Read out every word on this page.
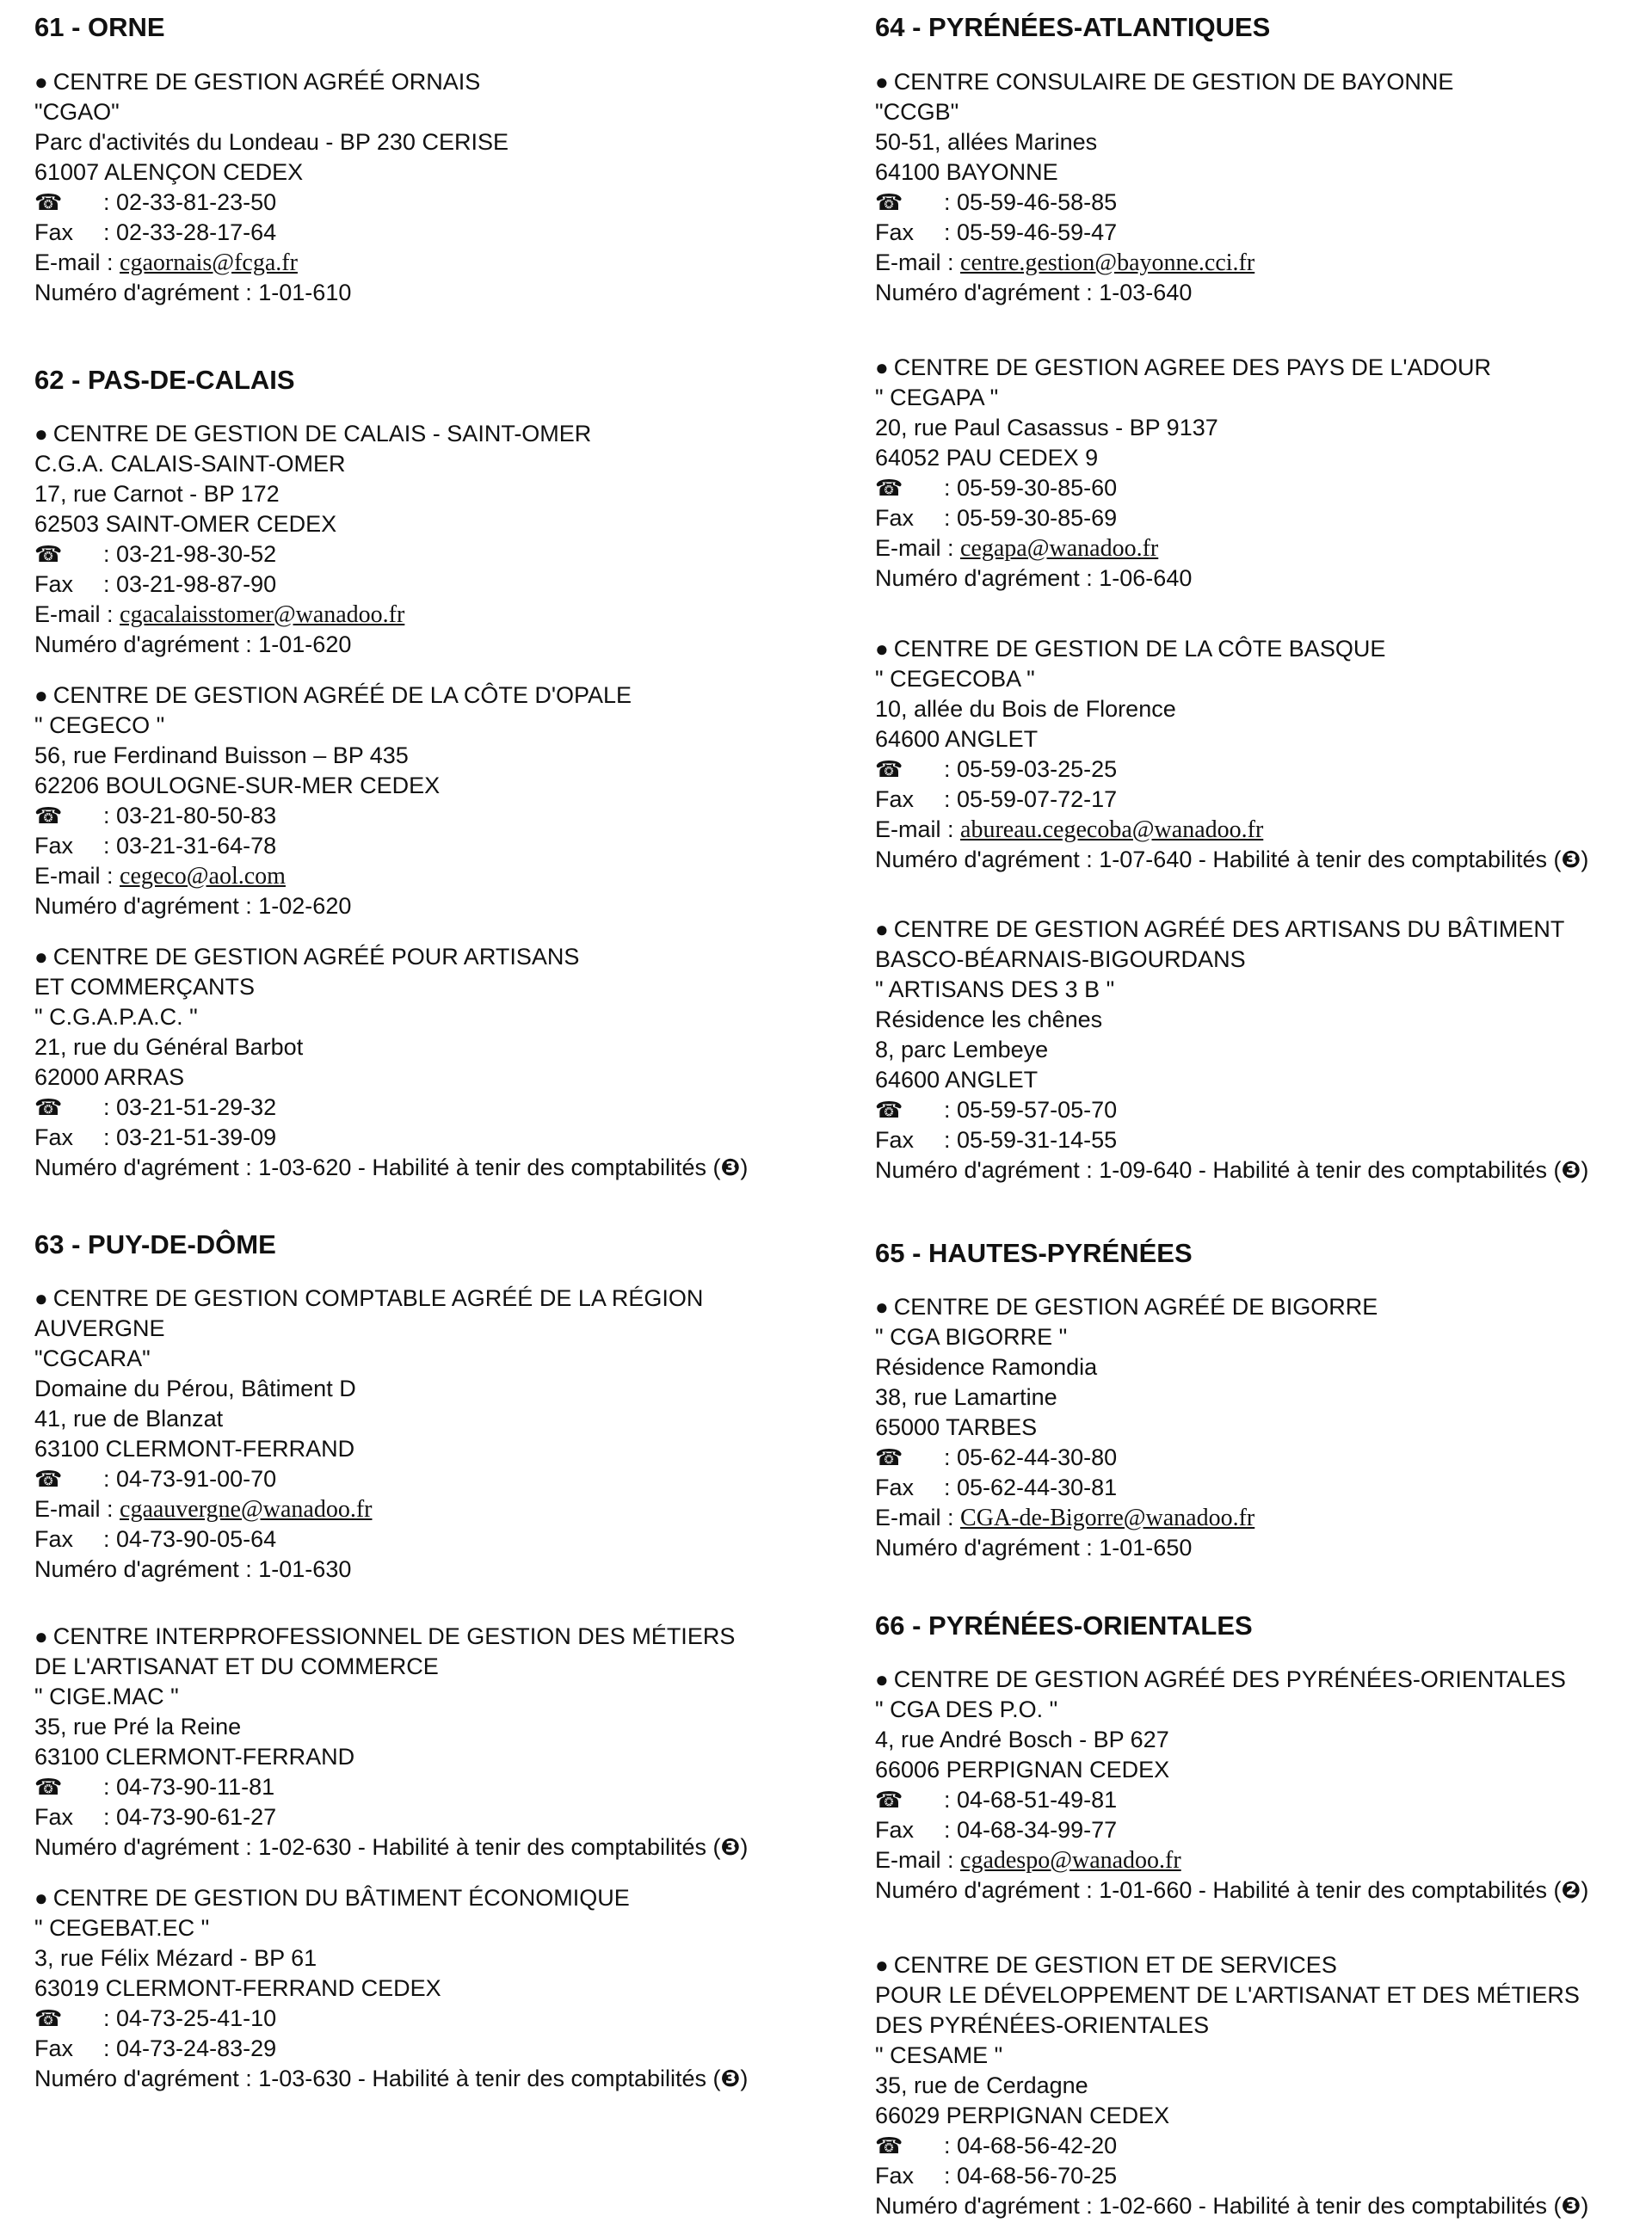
61 - ORNE
● CENTRE DE GESTION AGRÉÉ ORNAIS
"CGAO"
Parc d'activités du Londeau - BP 230 CERISE
61007 ALENÇON CEDEX
☎ : 02-33-81-23-50
Fax : 02-33-28-17-64
E-mail : cgaornais@fcga.fr
Numéro d'agrément : 1-01-610
62 - PAS-DE-CALAIS
● CENTRE DE GESTION DE CALAIS - SAINT-OMER
C.G.A. CALAIS-SAINT-OMER
17, rue Carnot - BP 172
62503 SAINT-OMER CEDEX
☎ : 03-21-98-30-52
Fax : 03-21-98-87-90
E-mail : cgacalaisstomer@wanadoo.fr
Numéro d'agrément : 1-01-620
● CENTRE DE GESTION AGRÉÉ DE LA CÔTE D'OPALE
" CEGECO "
56, rue Ferdinand Buisson – BP 435
62206 BOULOGNE-SUR-MER CEDEX
☎ : 03-21-80-50-83
Fax : 03-21-31-64-78
E-mail : cegeco@aol.com
Numéro d'agrément : 1-02-620
● CENTRE DE GESTION AGRÉÉ POUR ARTISANS
ET COMMERÇANTS
" C.G.A.P.A.C. "
21, rue du Général Barbot
62000 ARRAS
☎ : 03-21-51-29-32
Fax : 03-21-51-39-09
Numéro d'agrément : 1-03-620 - Habilité à tenir des comptabilités (❸)
63 - PUY-DE-DÔME
● CENTRE DE GESTION COMPTABLE AGRÉÉ DE LA RÉGION
AUVERGNE
"CGCARA"
Domaine du Pérou, Bâtiment D
41, rue de Blanzat
63100 CLERMONT-FERRAND
☎ : 04-73-91-00-70
E-mail : cgaauvergne@wanadoo.fr
Fax : 04-73-90-05-64
Numéro d'agrément : 1-01-630
● CENTRE INTERPROFESSIONNEL DE GESTION DES MÉTIERS
DE L'ARTISANAT ET DU COMMERCE
" CIGE.MAC "
35, rue Pré la Reine
63100 CLERMONT-FERRAND
☎ : 04-73-90-11-81
Fax : 04-73-90-61-27
Numéro d'agrément : 1-02-630 - Habilité à tenir des comptabilités (❸)
● CENTRE DE GESTION DU BÂTIMENT ÉCONOMIQUE
" CEGEBAT.EC "
3, rue Félix Mézard - BP 61
63019 CLERMONT-FERRAND CEDEX
☎ : 04-73-25-41-10
Fax : 04-73-24-83-29
Numéro d'agrément : 1-03-630 - Habilité à tenir des comptabilités (❸)
64 - PYRÉNÉES-ATLANTIQUES
● CENTRE CONSULAIRE DE GESTION DE BAYONNE
"CCGB"
50-51, allées Marines
64100 BAYONNE
☎ : 05-59-46-58-85
Fax : 05-59-46-59-47
E-mail : centre.gestion@bayonne.cci.fr
Numéro d'agrément : 1-03-640
● CENTRE DE GESTION AGREE DES PAYS DE L'ADOUR
" CEGAPA "
20, rue Paul Casassus - BP 9137
64052 PAU CEDEX 9
☎ : 05-59-30-85-60
Fax : 05-59-30-85-69
E-mail : cegapa@wanadoo.fr
Numéro d'agrément : 1-06-640
● CENTRE DE GESTION DE LA CÔTE BASQUE
" CEGECOBA "
10, allée du Bois de Florence
64600 ANGLET
☎ : 05-59-03-25-25
Fax : 05-59-07-72-17
E-mail : abureau.cegecoba@wanadoo.fr
Numéro d'agrément : 1-07-640 - Habilité à tenir des comptabilités (❸)
● CENTRE DE GESTION AGRÉÉ DES ARTISANS DU BÂTIMENT
BASCO-BÉARNAIS-BIGOURDANS
" ARTISANS DES 3 B "
Résidence les chênes
8, parc Lembeye
64600 ANGLET
☎ : 05-59-57-05-70
Fax : 05-59-31-14-55
Numéro d'agrément : 1-09-640 - Habilité à tenir des comptabilités (❸)
65 - HAUTES-PYRÉNÉES
● CENTRE DE GESTION AGRÉÉ DE BIGORRE
" CGA BIGORRE "
Résidence Ramondia
38, rue Lamartine
65000 TARBES
☎ : 05-62-44-30-80
Fax : 05-62-44-30-81
E-mail : CGA-de-Bigorre@wanadoo.fr
Numéro d'agrément : 1-01-650
66 - PYRÉNÉES-ORIENTALES
● CENTRE DE GESTION AGRÉÉ DES PYRÉNÉES-ORIENTALES
" CGA DES P.O. "
4, rue André Bosch - BP 627
66006 PERPIGNAN CEDEX
☎ : 04-68-51-49-81
Fax : 04-68-34-99-77
E-mail : cgadespo@wanadoo.fr
Numéro d'agrément : 1-01-660 - Habilité à tenir des comptabilités (❷)
● CENTRE DE GESTION ET DE SERVICES
POUR LE DÉVELOPPEMENT DE L'ARTISANAT ET DES MÉTIERS
DES PYRÉNÉES-ORIENTALES
" CESAME "
35, rue de Cerdagne
66029 PERPIGNAN CEDEX
☎ : 04-68-56-42-20
Fax : 04-68-56-70-25
Numéro d'agrément : 1-02-660 - Habilité à tenir des comptabilités (❸)
